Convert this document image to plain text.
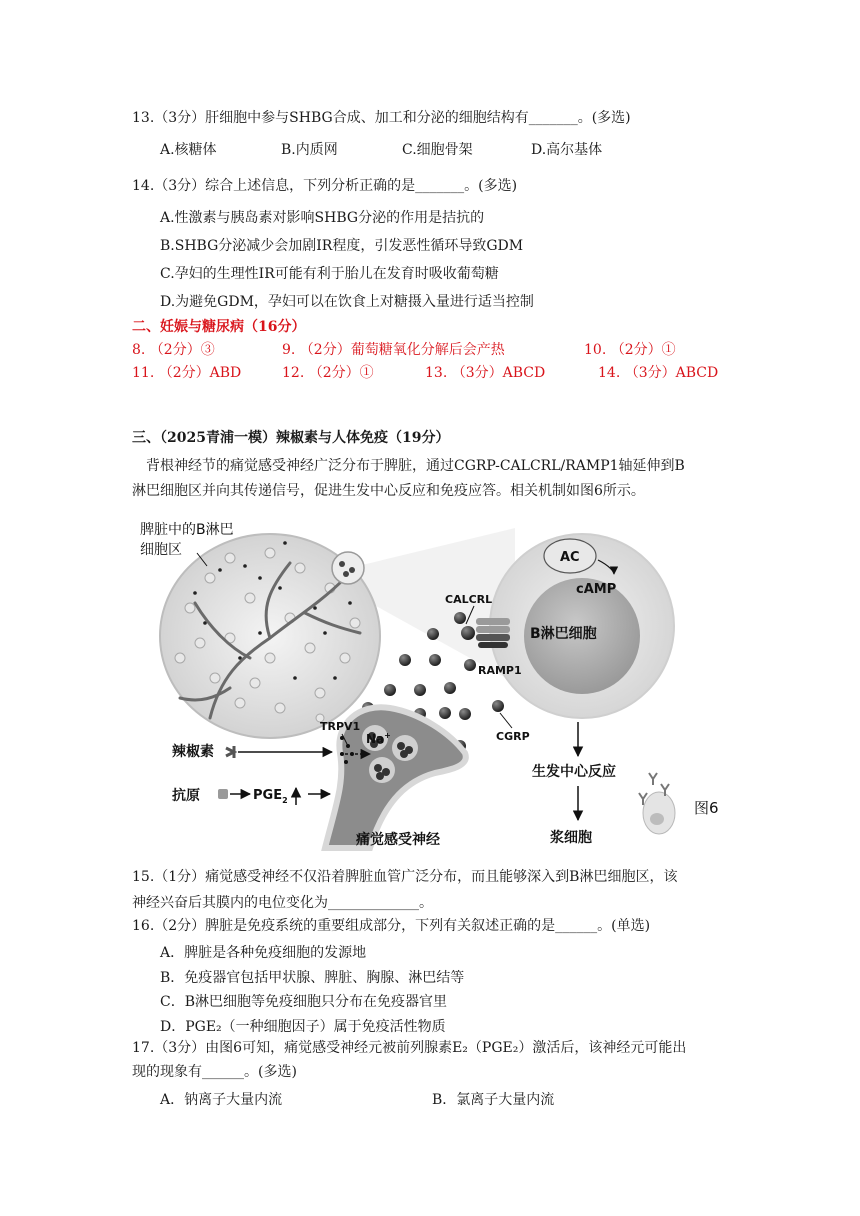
13.（3分）肝细胞中参与SHBG合成、加工和分泌的细胞结构有_______。(多选)
A.核糖体	B.内质网	C.细胞骨架	D.高尔基体
14.（3分）综合上述信息，下列分析正确的是_______。(多选)
A.性激素与胰岛素对影响SHBG分泌的作用是拮抗的
B.SHBG分泌减少会加剧IR程度，引发恶性循环导致GDM
C.孕妇的生理性IR可能有利于胎儿在发育时吸收葡萄糖
D.为避免GDM，孕妇可以在饮食上对糖摄入量进行适当控制
二、妊娠与糖尿病（16分）
8. （2分）③	9. （2分）葡萄糖氧化分解后会产热	10. （2分）①
11. （2分）ABD	12. （2分）①	13. （3分）ABCD	14. （3分）ABCD
三、（2025青浦一模）辣椒素与人体免疫（19分）
背根神经节的痛觉感受神经广泛分布于脾脏，通过CGRP-CALCRL/RAMP1轴延伸到B
淋巴细胞区并向其传递信号，促进生发中心反应和免疫应答。相关机制如图6所示。
脾脏中的B淋巴
细胞区	AC
cAMP
CALCRL
B淋巴细胞
RAMP1
CGRP
TRPV1
Na+
辣椒素
抗原	$PGE_2$
痛觉感受神经
生发中心反应
浆细胞
图6
15.（1分）痛觉感受神经不仅沿着脾脏血管广泛分布，而且能够深入到B淋巴细胞区，该
神经兴奋后其膜内的电位变化为_____________。
16.（2分）脾脏是免疫系统的重要组成部分，下列有关叙述正确的是______。(单选)
A．脾脏是各种免疫细胞的发源地
B．免疫器官包括甲状腺、脾脏、胸腺、淋巴结等
C．B淋巴细胞等免疫细胞只分布在免疫器官里
D．PGE₂（一种细胞因子）属于免疫活性物质
17.（3分）由图6可知，痛觉感受神经元被前列腺素E₂（PGE₂）激活后，该神经元可能出
现的现象有______。(多选)
A．钠离子大量内流	B．氯离子大量内流
